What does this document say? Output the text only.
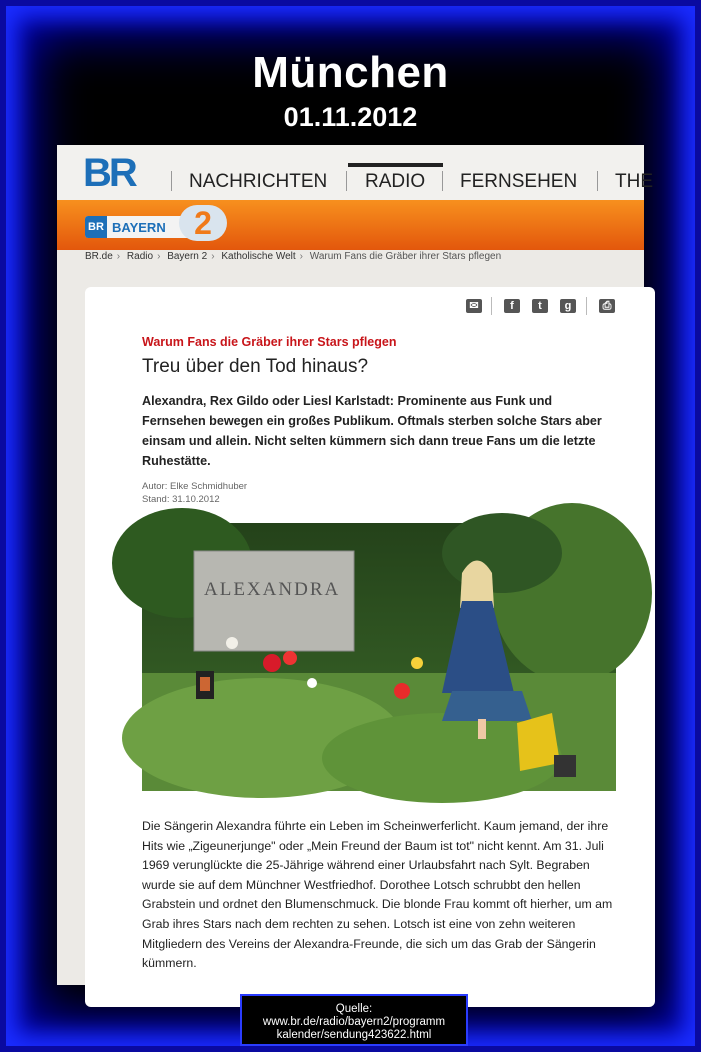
München
01.11.2012
BR	NACHRICHTEN RADIO FERNSEHEN THE
BR BAYERN 2
BR.de › Radio › Bayern 2 › Katholische Welt › Warum Fans die Gräber ihrer Stars pflegen
✉	f	t	g	⎙
Warum Fans die Gräber ihrer Stars pflegen
Treu über den Tod hinaus?
Alexandra, Rex Gildo oder Liesl Karlstadt: Prominente aus Funk und Fernsehen bewegen ein großes Publikum. Oftmals sterben solche Stars aber einsam und allein. Nicht selten kümmern sich dann treue Fans um die letzte Ruhestätte.
Autor: Elke Schmidhuber
Stand: 31.10.2012
ALEXANDRA
Die Sängerin Alexandra führte ein Leben im Scheinwerferlicht. Kaum jemand, der ihre Hits wie „Zigeunerjunge" oder „Mein Freund der Baum ist tot" nicht kennt. Am 31. Juli 1969 verunglückte die 25-Jährige während einer Urlaubsfahrt nach Sylt. Begraben wurde sie auf dem Münchner Westfriedhof. Dorothee Lotsch schrubbt den hellen Grabstein und ordnet den Blumenschmuck. Die blonde Frau kommt oft hierher, um am Grab ihres Stars nach dem rechten zu sehen. Lotsch ist eine von zehn weiteren Mitgliedern des Vereins der Alexandra-Freunde, die sich um das Grab der Sängerin kümmern.
Quelle:
www.br.de/radio/bayern2/programm
kalender/sendung423622.html
